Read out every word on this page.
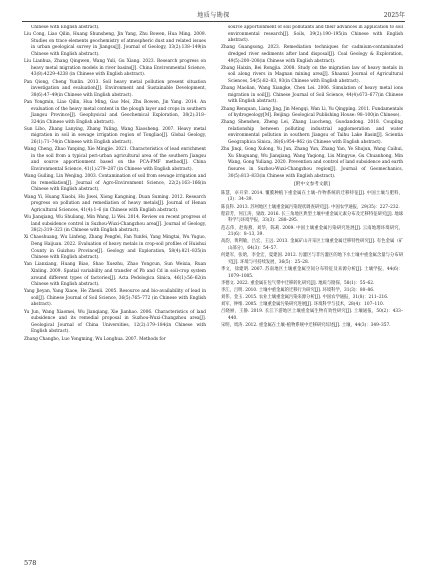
地质与勘探	2025年

Chinese with English abstract).

Liu Cong, Liao Qilin, Huang Shunsheng, Jin Yang, Zhu Bowen, Hua Ming. 2009. Studies on trace elements geochemistry of atmospheric dust and related issues in urban geological survey in Jiangsu[J]. Journal of Geology, 33(2):138–149(in Chinese with English abstract).

Liu Lianhua, Zhang Qingwen, Wang Yuli, Gu Xiang. 2023. Research progress on heavy metal migration models in river basins[J]. China Environmental Science, 43(8):4229–4238 (in Chinese with English abstract).

Pan Qiong, Cheng Yunlin. 2013. Soil heavy metal pollution present situation investigation and evaluation[J]. Environment and Sustainable Development, 38(6):47–49(in Chinese with English abstract).

Pan Yongmin, Liao Qilin, Hua Ming, Gao Mei, Zhu Bowen, Jin Yang. 2014. An evaluation of the heavy metal content in the plough layer and crops in southern Jiangsu Province[J]. Geophysical and Geochemical Exploration, 38(2):318–324(in Chinese with English abstract).

Sun Libo, Zhang Lanying, Zhang Yuling, Wang Xiaosheng. 2007. Heavy metal migration in soil in sewage irrigation region of Tongliao[J]. Global Geology, 26(1):71–74(in Chinese with English abstract).

Wang Cheng, Zhao Yanping, Xie Mingjie. 2021. Characteristics of lead enrichment in the soil from a typical peri-urban agricultural area of the southern Jiangsu and source apportionment based on the PCA-PMF method[J]. China Environmental Science, 41(1):279–287 (in Chinese with English abstract).

Wang Guiling, Lin Wenjing. 2003. Contamination of soil from sewage irrigation and its remediation[J]. Journal of Agro-Environment Science, 22(2):163–166(in Chinese with English abstract).

Wang Yi, Huang Xiaobi, Hu Jiwei, Xiong Kangning, Duan Suming. 2012. Research progress on pollution and remediation of heavy metals[J]. Journal of Henan Agricultural Sciences, 41(4):1–6 (in Chinese with English abstract).

Wu Jianqiang, Wu Shuliang, Min Wang, Li Wei. 2014. Review on recent progress of land subsidence control in Suzhou-Wuxi-Changzhou area[J]. Journal of Geology, 38(2):319–323 (in Chinese with English abstract).

Xi Chaoshuang, Wu Linfeng, Zhang Pengfei, Fan Yunfei, Yang Mingtai, Wu Yuguo, Deng Haijuan. 2022. Evaluation of heavy metals in crop-soil profiles of Huishui County in Guizhou Province[J]. Geology and Exploration, 58(4):821–835(in Chinese with English abstract).

Yan Lianxiang, Huang Biao, Shao Xuezhu, Zhao Yongcun, Sun Weixia, Ruan Xinling. 2009. Spatial variability and transfer of Pb and Cd in soil-crop system around different types of factories[J]. Acta Pedologica Sinica, 46(1):56–62(in Chinese with English abstract).

Yang Jieyan, Yang Xiaoe, He Zhenli. 2005. Resource and bio-availability of lead in soil[J]. Chinese Journal of Soil Science, 36(5):765–772 (in Chinese with English abstract).

Yu Jun, Wang Xiaomei, Wu Jianqiang, Xie Jianhao. 2006. Characteristics of land subsidence and its remedial proposal in Suzhou-Wuxi-Changzhou area[J]. Geological Journal of China Universities, 12(2):179–184(in Chinese with English abstract).

Zhang Changbo, Luo Yongming, Wu Longhua. 2007. Methods for

source apportionment of soil pollutants and their advances in application to soil environmental research[J]. Soils, 39(2):190–195(in Chinese with English abstract).

Zhang Guangsong. 2023. Remediation techniques for cadmium-contaminated dredged river sediments after land disposal[J]. Coal Geology & Exploration, 49(5):200–208(in Chinese with English abstract).

Zhang Haixin, Bei Rongjia. 2008. Study on the migration law of heavy metals in soil along rivers in Magnan mining area[J]. Shaanxi Journal of Agricultural Sciences, 54(5):82–83, 93(in Chinese with English abstract).

Zhang Maolian, Wang Xiangke, Chen Lei. 2006. Simulation of heavy metal ions migration in soil[J]. Chinese Journal of Soil Science, 44(4):673–677(in Chinese with English abstract).

Zhang Renquan, Liang Jing, Jin Mengqi, Wan Li, Yu Qingping. 2011. Fundamentals of hydrogeology[M]. Beijing: Geological Publishing House: 98–100(in Chinese).

Zhang Shenshen, Zheng Lei, Zhang Luocheng, Guodandong. 2018. Coupling relationship between polluting industrial agglomeration and water environmental pollution in southern Jiangsu of Taihu Lake Basin[J]. Scientia Geographica Sinica, 38(6):954–962 (in Chinese with English abstract).

Zhu Jinqi, Gong Xulong, Yu Jun, Zhang Yun, Zhang Yan, Ye Shujun, Wang Caihui, Xu Shuguang, Wu Jianqiang, Wang Yaqiong, Liu Mingyue, Gu Chuanhong, Min Wang, Gong Yuliang. 2020. Prevention and control of land subsidence and earth fissures in Suzhou-Wuxi-Changzhou region[J]. Journal of Geomechanics, 30(5):813–833(in Chinese with English abstract).

[附中文参考文献]

陈慧，卓开荣. 2014. 覆膜种植下重金属在土壤–作物系统的迁移特征[J]. 中国土壤与肥料，(3)：34–39.

陈良科. 2013. 苏州地区土壤重金属污染现状调查研究[J]. 中国农学通报，29(35)：227–232.

程彩芳，何江涛，梁政. 2016. 长三角地区典型土壤中重金属元素分布及迁移特征研究[J]. 地球科学与环境学报，33(3)：288–295.

范志伟，赵海燕，刘华，陈莉. 2009. 中国土壤重金属污染研究进展[J]. 云南地理环境研究，21(6)：8–13, 39.

高韵，黄利敏，吕宏，王远. 2013. 金属矿山开采区土壤重金属迁移特性研究[J]. 有色金属（矿山部分），64(3)：54–57.

何建军，张晗，李金宏，夏建国. 2012. 污灌区与非污灌区的地下水土壤中重金属含量与分布研究[J]. 环境与可持续发展，36(5)：25–28.

季文，徐建明. 2007. 苏南地区土壤重金属空间分布特征及来源分析[J]. 土壤学报，44(6)：1079–1085.

李德文. 2022. 重金属在包气带中迁移转化研究[J]. 地质与勘探，58(1)：55–62.

李江，吕明. 2010. 土壤中重金属的迁移行为研究[J]. 环境科学，31(3)：80–86.

刘伟，金玉. 2015. 农业土壤重金属污染来源分析[J]. 中国农学通报，31(8)：211–216.

刘军，钟维. 2005. 土壤重金属污染研究进展[J]. 环境科学与技术，28(4)：107–110.

吕晓丽，王静. 2019. 长江下游地区土壤重金属生物有效性研究[J]. 土壤通报，50(2)：433–440.

宋明，周涛. 2012. 重金属在土壤–植物系统中迁移研究综述[J]. 土壤，44(3)：349–357.

578
